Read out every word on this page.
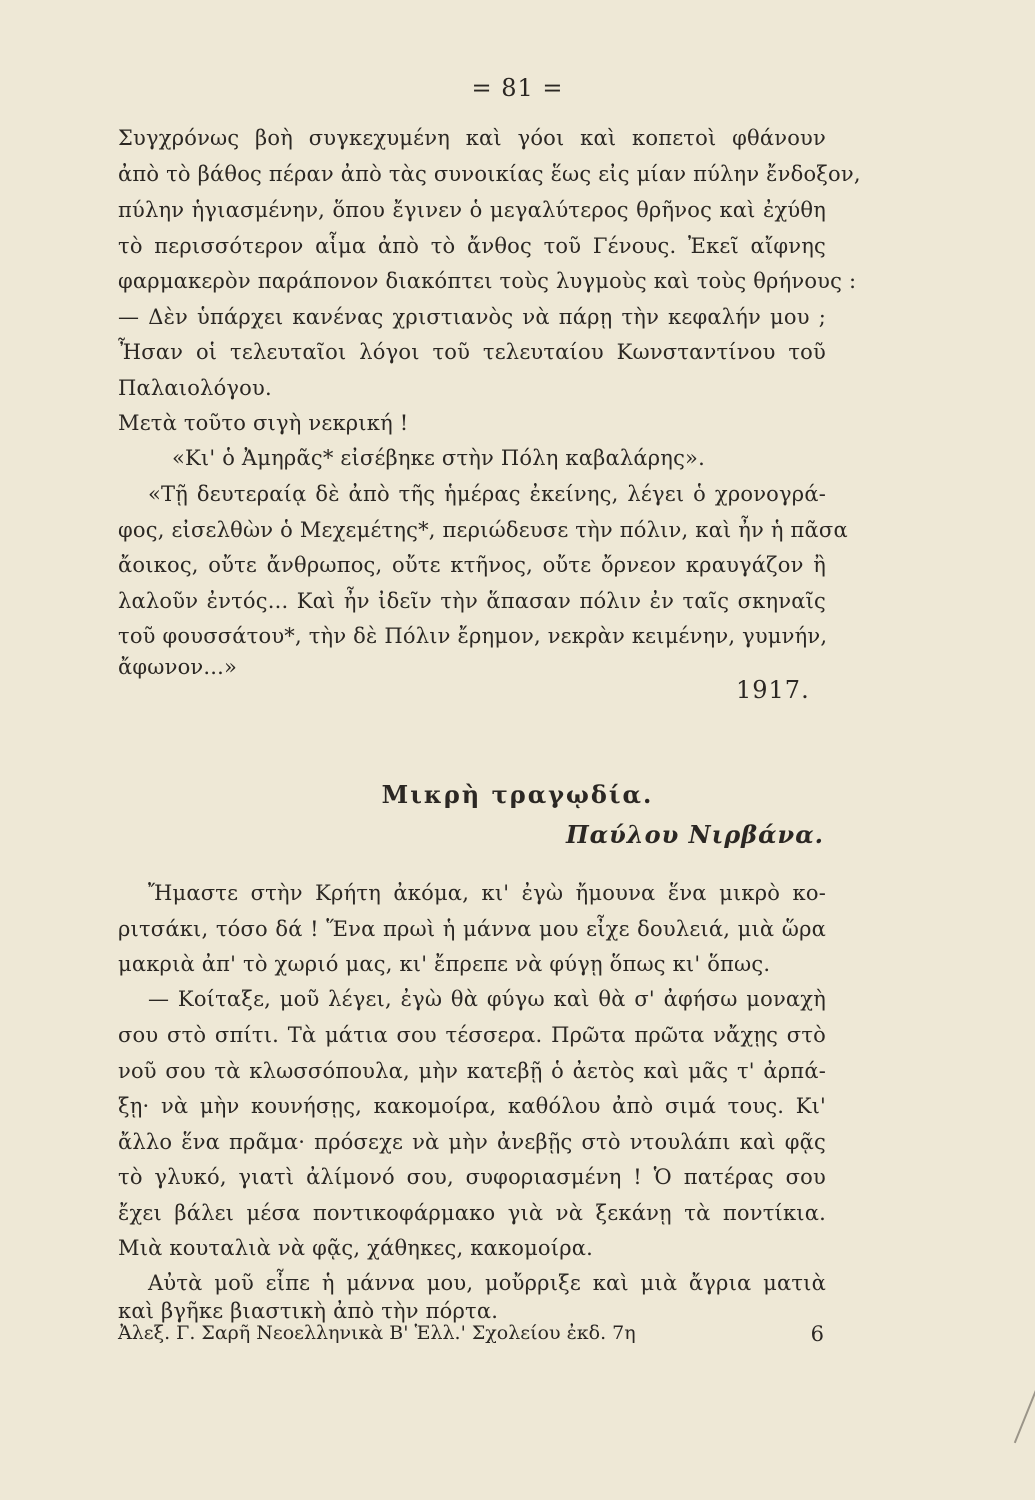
= 81 =
Συγχρόνως βοὴ συγκεχυμένη καὶ γόοι καὶ κοπετοὶ φθάνουν
ἀπὸ τὸ βάθος πέραν ἀπὸ τὰς συνοικίας ἕως εἰς μίαν πύλην ἔνδοξον,
πύλην ἡγιασμένην, ὅπου ἔγινεν ὁ μεγαλύτερος θρῆνος καὶ ἐχύθη
τὸ περισσότερον αἷμα ἀπὸ τὸ ἄνθος τοῦ Γένους. Ἐκεῖ αἴφνης
φαρμακερὸν παράπονον διακόπτει τοὺς λυγμοὺς καὶ τοὺς θρήνους :
— Δὲν ὑπάρχει κανένας χριστιανὸς νὰ πάρῃ τὴν κεφαλήν μου ;
Ἦσαν οἱ τελευταῖοι λόγοι τοῦ τελευταίου Κωνσταντίνου τοῦ
Παλαιολόγου.
Μετὰ τοῦτο σιγὴ νεκρική !
«Κι' ὁ Ἀμηρᾶς* εἰσέβηκε στὴν Πόλη καβαλάρης».
«Τῇ δευτεραίᾳ δὲ ἀπὸ τῆς ἡμέρας ἐκείνης, λέγει ὁ χρονογρά-
φος, εἰσελθὼν ὁ Μεχεμέτης*, περιώδευσε τὴν πόλιν, καὶ ἦν ἡ πᾶσα
ἄοικος, οὔτε ἄνθρωπος, οὔτε κτῆνος, οὔτε ὄρνεον κραυγάζον ἢ
λαλοῦν ἐντός... Καὶ ἦν ἰδεῖν τὴν ἅπασαν πόλιν ἐν ταῖς σκηναῖς
τοῦ φουσσάτου*, τὴν δὲ Πόλιν ἔρημον, νεκρὰν κειμένην, γυμνήν,
ἄφωνον...»
1917.
Μικρὴ τραγῳδία.
Παύλου Νιρβάνα.
Ἤμαστε στὴν Κρήτη ἀκόμα, κι' ἐγὼ ἤμουνα ἕνα μικρὸ κο-
ριτσάκι, τόσο δά ! Ἕνα πρωὶ ἡ μάννα μου εἶχε δουλειά, μιὰ ὥρα
μακριὰ ἀπ' τὸ χωριό μας, κι' ἔπρεπε νὰ φύγῃ ὅπως κι' ὅπως.
— Κοίταξε, μοῦ λέγει, ἐγὼ θὰ φύγω καὶ θὰ σ' ἀφήσω μοναχὴ
σου στὸ σπίτι. Τὰ μάτια σου τέσσερα. Πρῶτα πρῶτα νἄχῃς στὸ
νοῦ σου τὰ κλωσσόπουλα, μὴν κατεβῇ ὁ ἀετὸς καὶ μᾶς τ' ἀρπά-
ξῃ· νὰ μὴν κουνήσῃς, κακομοίρα, καθόλου ἀπὸ σιμά τους. Κι'
ἄλλο ἕνα πρᾶμα· πρόσεχε νὰ μὴν ἀνεβῇς στὸ ντουλάπι καὶ φᾷς
τὸ γλυκό, γιατὶ ἀλίμονό σου, συφοριασμένη ! Ὁ πατέρας σου
ἔχει βάλει μέσα ποντικοφάρμακο γιὰ νὰ ξεκάνῃ τὰ ποντίκια.
Μιὰ κουταλιὰ νὰ φᾷς, χάθηκες, κακομοίρα.
Αὐτὰ μοῦ εἶπε ἡ μάννα μου, μοὔρριξε καὶ μιὰ ἄγρια ματιὰ
καὶ βγῆκε βιαστικὴ ἀπὸ τὴν πόρτα.
Ἀλεξ. Γ. Σαρῆ Νεοελληνικὰ Β' Ἑλλ.' Σχολείου ἐκδ. 7η	6
